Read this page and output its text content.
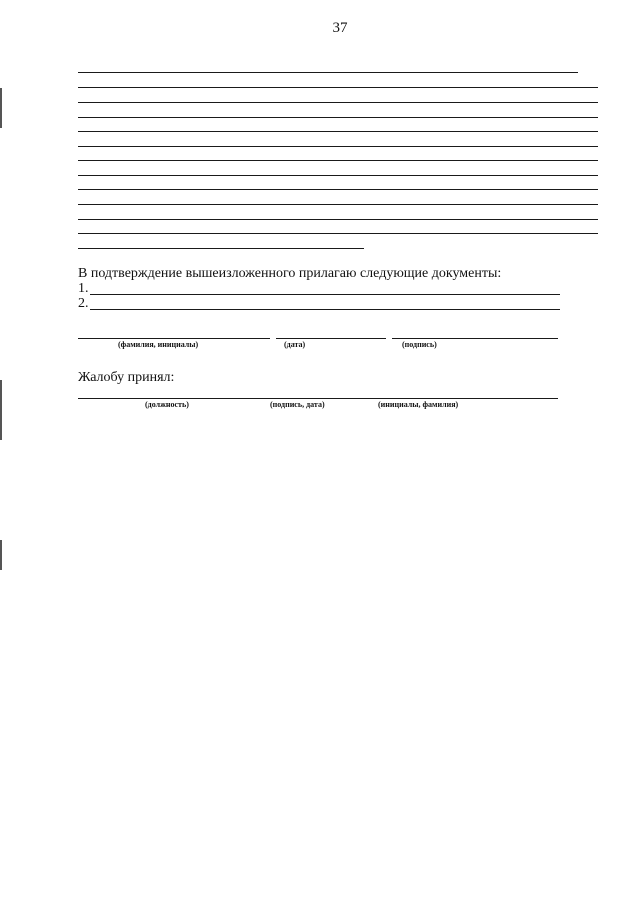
37
В подтверждение вышеизложенного прилагаю следующие документы:
1.
2.
(фамилия, инициалы)	(дата)	(подпись)
Жалобу принял:
(должность)	(подпись, дата)	(инициалы, фамилия)
